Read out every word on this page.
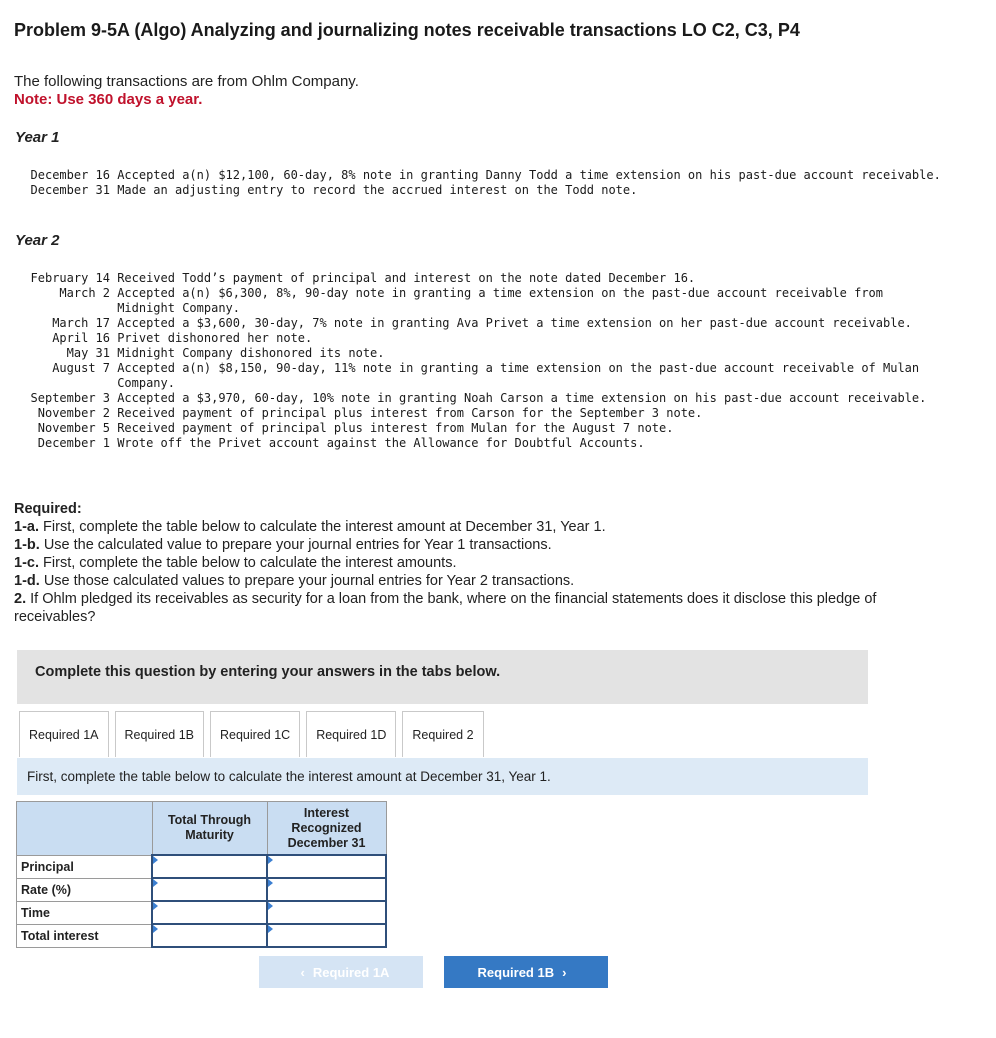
Problem 9-5A (Algo) Analyzing and journalizing notes receivable transactions LO C2, C3, P4
The following transactions are from Ohlm Company.
Note: Use 360 days a year.
Year 1
December 16 Accepted a(n) $12,100, 60-day, 8% note in granting Danny Todd a time extension on his past-due account receivable.
December 31 Made an adjusting entry to record the accrued interest on the Todd note.
Year 2
February 14 Received Todd’s payment of principal and interest on the note dated December 16.
March 2 Accepted a(n) $6,300, 8%, 90-day note in granting a time extension on the past-due account receivable from Midnight Company.
March 17 Accepted a $3,600, 30-day, 7% note in granting Ava Privet a time extension on her past-due account receivable.
April 16 Privet dishonored her note.
May 31 Midnight Company dishonored its note.
August 7 Accepted a(n) $8,150, 90-day, 11% note in granting a time extension on the past-due account receivable of Mulan Company.
September 3 Accepted a $3,970, 60-day, 10% note in granting Noah Carson a time extension on his past-due account receivable.
November 2 Received payment of principal plus interest from Carson for the September 3 note.
November 5 Received payment of principal plus interest from Mulan for the August 7 note.
December 1 Wrote off the Privet account against the Allowance for Doubtful Accounts.
Required:
1-a. First, complete the table below to calculate the interest amount at December 31, Year 1.
1-b. Use the calculated value to prepare your journal entries for Year 1 transactions.
1-c. First, complete the table below to calculate the interest amounts.
1-d. Use those calculated values to prepare your journal entries for Year 2 transactions.
2. If Ohlm pledged its receivables as security for a loan from the bank, where on the financial statements does it disclose this pledge of receivables?
Complete this question by entering your answers in the tabs below.
Required 1A	Required 1B	Required 1C	Required 1D	Required 2
First, complete the table below to calculate the interest amount at December 31, Year 1.
	Total Through Maturity	Interest Recognized December 31
Principal		
Rate (%)		
Time		
Total interest		
‹ Required 1A	Required 1B ›
